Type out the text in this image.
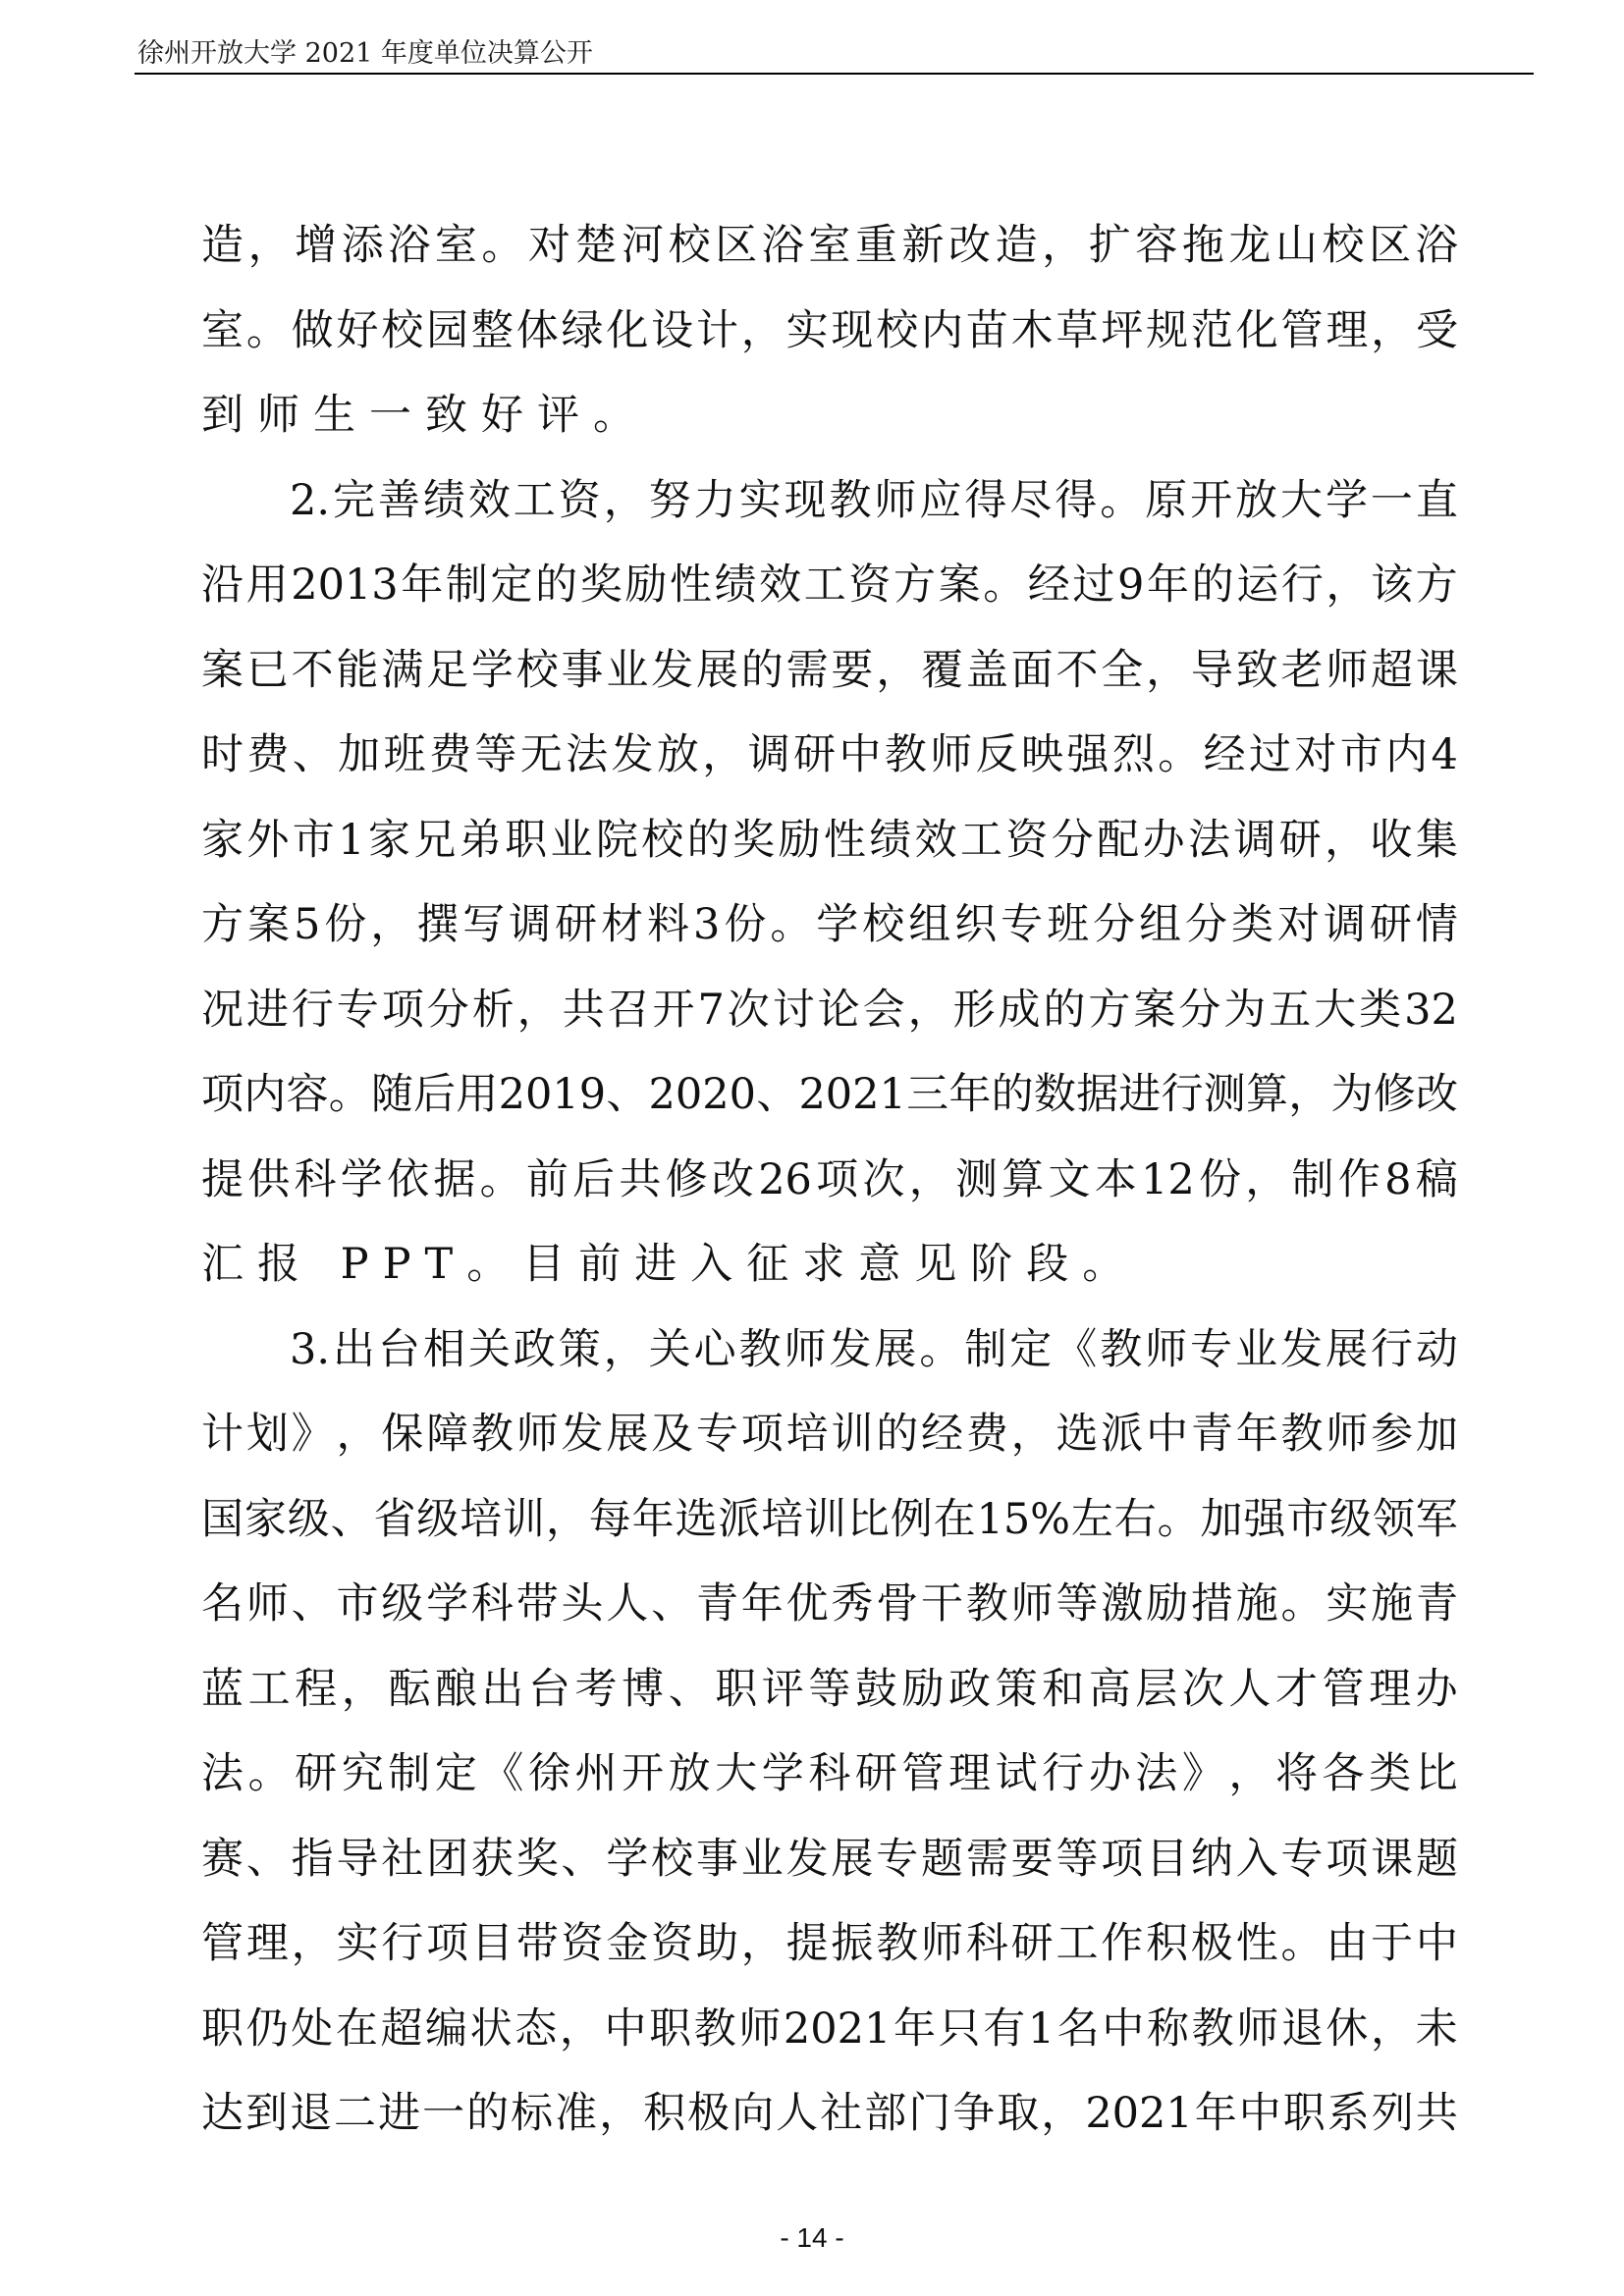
徐州开放大学 2021 年度单位决算公开
造 ， 增 添 浴 室 。 对 楚 河 校 区 浴 室 重 新 改 造 ， 扩 容 拖 龙 山 校 区 浴
室 。 做 好 校 园 整 体 绿 化 设 计 ， 实 现 校 内 苗 木 草 坪 规 范 化 管 理 ， 受
到师生一致好评。
2. 完 善 绩 效 工 资 ， 努 力 实 现 教 师 应 得 尽 得 。 原 开 放 大 学 一 直
沿 用 2013 年 制 定 的 奖 励 性 绩 效 工 资 方 案 。 经 过 9 年 的 运 行 ， 该 方
案 已 不 能 满 足 学 校 事 业 发 展 的 需 要 ， 覆 盖 面 不 全 ， 导 致 老 师 超 课
时 费 、 加 班 费 等 无 法 发 放 ， 调 研 中 教 师 反 映 强 烈 。 经 过 对 市 内 4
家 外 市 1 家 兄 弟 职 业 院 校 的 奖 励 性 绩 效 工 资 分 配 办 法 调 研 ， 收 集
方 案 5 份 ， 撰 写 调 研 材 料 3 份 。 学 校 组 织 专 班 分 组 分 类 对 调 研 情
况 进 行 专 项 分 析 ， 共 召 开 7 次 讨 论 会 ， 形 成 的 方 案 分 为 五 大 类 32
项 内 容 。 随 后 用 2019 、 2020 、 2021 三 年 的 数 据 进 行 测 算 ， 为 修 改
提 供 科 学 依 据 。 前 后 共 修 改 26 项 次 ， 测 算 文 本 12 份 ， 制 作 8 稿
汇报 PPT。目前进入征求意见阶段。
3. 出 台 相 关 政 策 ， 关 心 教 师 发 展 。 制 定 《 教 师 专 业 发 展 行 动
计 划 》 ， 保 障 教 师 发 展 及 专 项 培 训 的 经 费 ， 选 派 中 青 年 教 师 参 加
国 家 级 、 省 级 培 训 ， 每 年 选 派 培 训 比 例 在 15% 左 右 。 加 强 市 级 领 军
名 师 、 市 级 学 科 带 头 人 、 青 年 优 秀 骨 干 教 师 等 激 励 措 施 。 实 施 青
蓝 工 程 ， 酝 酿 出 台 考 博 、 职 评 等 鼓 励 政 策 和 高 层 次 人 才 管 理 办
法 。 研 究 制 定 《 徐 州 开 放 大 学 科 研 管 理 试 行 办 法 》 ， 将 各 类 比
赛 、 指 导 社 团 获 奖 、 学 校 事 业 发 展 专 题 需 要 等 项 目 纳 入 专 项 课 题
管 理 ， 实 行 项 目 带 资 金 资 助 ， 提 振 教 师 科 研 工 作 积 极 性 。 由 于 中
职 仍 处 在 超 编 状 态 ， 中 职 教 师 2021 年 只 有 1 名 中 称 教 师 退 休 ， 未
达 到 退 二 进 一 的 标 准 ， 积 极 向 人 社 部 门 争 取 ， 2021 年 中 职 系 列 共
- 14 -
